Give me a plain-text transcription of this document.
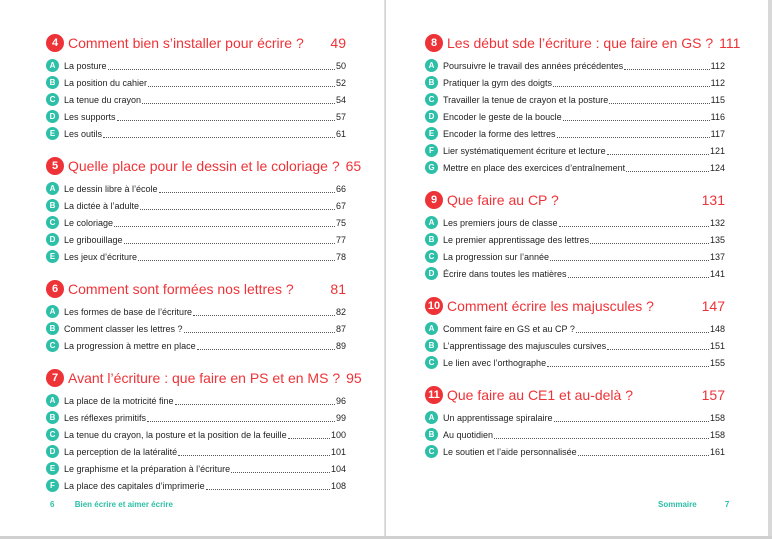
4 Comment bien s’installer pour écrire ?	49
A La posture	50
B La position du cahier	52
C La tenue du crayon	54
D Les supports	57
E Les outils	61
5 Quelle place pour le dessin et le coloriage ? 65
A Le dessin libre à l’école	66
B La dictée à l’adulte	67
C Le coloriage	75
D Le gribouillage	77
E Les jeux d’écriture	78
6 Comment sont formées nos lettres ?	81
A Les formes de base de l’écriture	82
B Comment classer les lettres ?	87
C La progression à mettre en place	89
7 Avant l’écriture : que faire en PS et en MS ? 95
A La place de la motricité fine	96
B Les réflexes primitifs	99
C La tenue du crayon, la posture et la position de la feuille	100
D La perception de la latéralité	101
E Le graphisme et la préparation à l’écriture	104
F	La place des capitales d’imprimerie	108
6	Bien écrire et aimer écrire
8 Les début sde l’écriture : que faire en GS ? 111
A Poursuivre le travail des années précédentes	112
B Pratiquer la gym des doigts	112
C Travailler la tenue de crayon et la posture	115
D Encoder le geste de la boucle	116
E Encoder la forme des lettres	117
F	Lier systématiquement écriture et lecture	121
G Mettre en place des exercices d’entraînement	124
9 Que faire au CP ?	131
A Les premiers jours de classe	132
B Le premier apprentissage des lettres	135
C La progression sur l’année	137
D Écrire dans toutes les matières	141
10 Comment écrire les majuscules ?	147
A Comment faire en GS et au CP ?	148
B L’apprentissage des majuscules cursives	151
C Le lien avec l’orthographe	155
11 Que faire au CE1 et au-delà ?	157
A Un apprentissage spiralaire	158
B Au quotidien	158
C Le soutien et l’aide personnalisée	161
Sommaire	7
